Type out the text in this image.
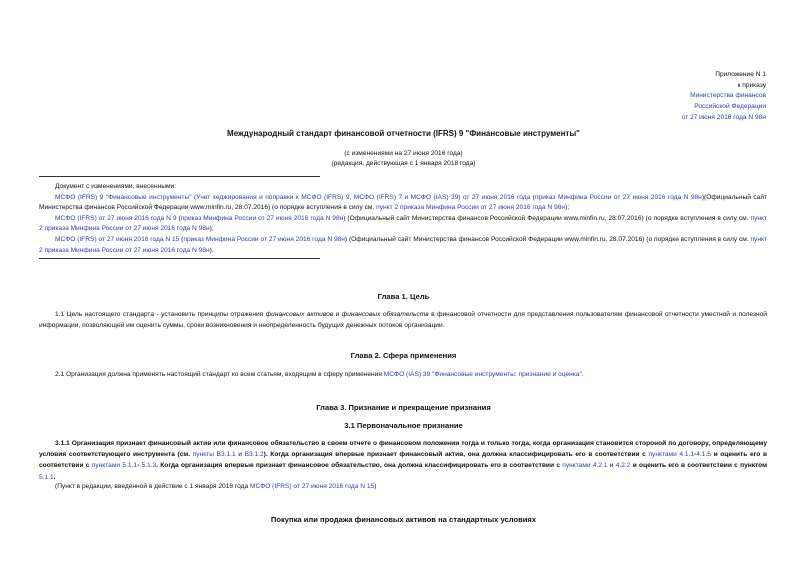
Приложение N 1
к приказу
Министерства финансов
Российской Федерации
от 27 июня 2016 года N 98н
Международный стандарт финансовой отчетности (IFRS) 9 "Финансовые инструменты"
(с изменениями на 27 июня 2016 года)
(редакция, действующая с 1 января 2018 года)

Документ с изменениями, внесенными:

МСФО (IFRS) 9 "Финансовые инструменты" (Учет хеджирования и поправки к МСФО (IFRS) 9, МСФО (IFRS) 7 и МСФО (IAS) 39) от 27 июня 2016 года (приказ Минфина России от 27 июня 2016 года N 98н)(Официальный сайт Министерства финансов Российской Федерации www.minfin.ru, 28.07.2016) (о порядке вступления в силу см. пункт 2 приказа Минфина России от 27 июня 2016 года N 98н);

МСФО (IFRS) от 27 июня 2016 года N 9 (приказ Минфина России от 27 июня 2016 года N 98н) (Официальный сайт Министерства финансов Российской Федерации www.minfin.ru, 28.07.2016) (о порядке вступления в силу см. пункт 2 приказа Минфина России от 27 июня 2016 года N 98н);

МСФО (IFRS) от 27 июня 2016 года N 15 (приказ Минфина России от 27 июня 2016 года N 98н) (Официальный сайт Министерства финансов Российской Федерации www.minfin.ru, 28.07.2016) (о порядке вступления в силу см. пункт 2 приказа Минфина России от 27 июня 2016 года N 98н).

Глава 1. Цель

1.1 Цель настоящего стандарта - установить принципы отражения финансовых активов и финансовых обязательств в финансовой отчетности для представления пользователям финансовой отчетности уместной и полезной информации, позволяющей им оценить суммы, сроки возникновения и неопределенность будущих денежных потоков организации.

Глава 2. Сфера применения

2.1 Организация должна применять настоящий стандарт ко всем статьям, входящим в сферу применения МСФО (IAS) 39 "Финансовые инструменты: признание и оценка".

Глава 3. Признание и прекращение признания
3.1 Первоначальное признание

3.1.1 Организация признает финансовый актив или финансовое обязательство в своем отчете о финансовом положении тогда и только тогда, когда организация становится стороной по договору, определяющему условия соответствующего инструмента (см. пункты B3.1.1 и B3.1.2). Когда организация впервые признает финансовый актив, она должна классифицировать его в соответствии с пунктами 4.1.1-4.1.5 и оценить его в соответствии с пунктами 5.1.1- 5.1.3. Когда организация впервые признает финансовое обязательство, она должна классифицировать его в соответствии с пунктами 4.2.1 и 4.2.2 и оценить его в соответствии с пунктом 5.1.1.

(Пункт в редакции, введенной в действие с 1 января 2018 года МСФО (IFRS) от 27 июня 2016 года N 15)
Покупка или продажа финансовых активов на стандартных условиях
